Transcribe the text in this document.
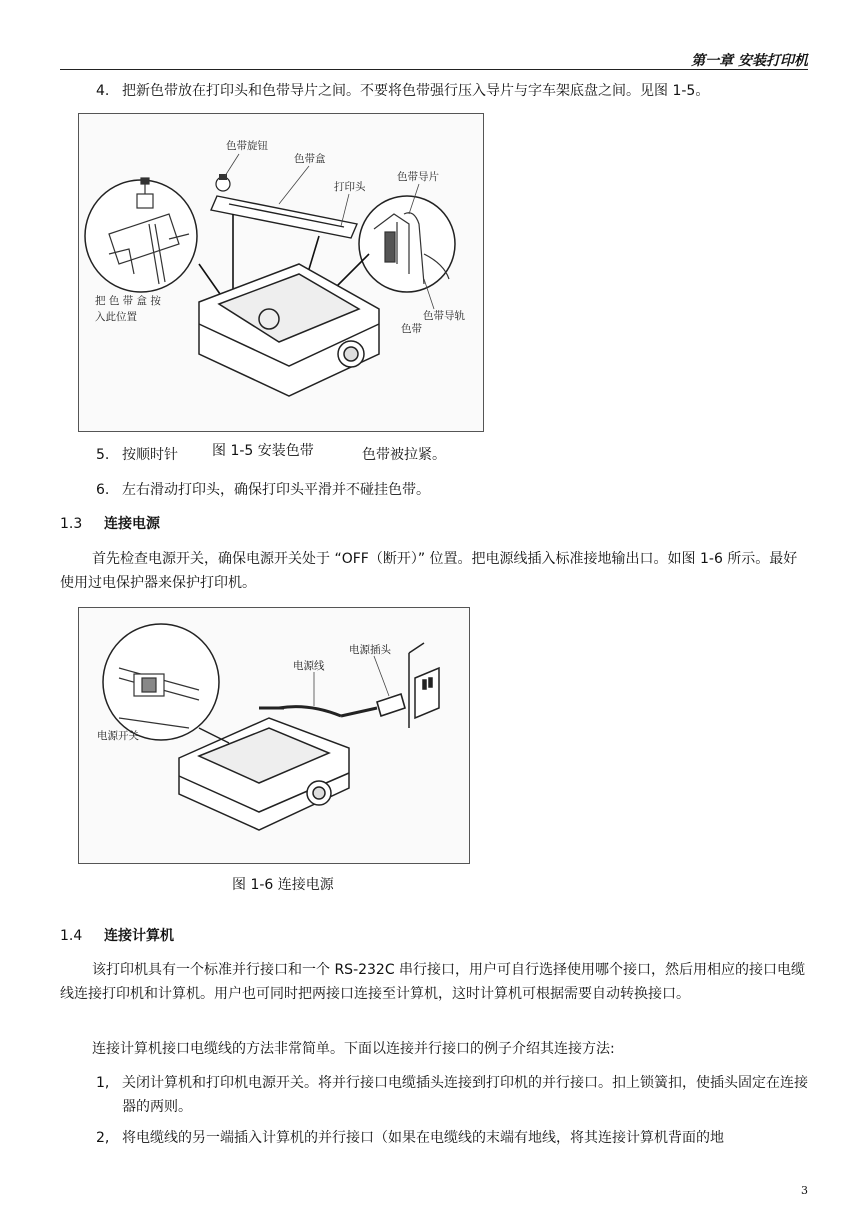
第一章 安装打印机
4. 把新色带放在打印头和色带导片之间。不要将色带强行压入导片与字车架底盘之间。见图 1-5。
色带旋钮
色带盒
打印头
色带导片
把 色 带 盒 按
入此位置	色带导轨
色带
5. 按顺时针	色带被拉紧。
图 1-5 安装色带
6. 左右滑动打印头，确保打印头平滑并不碰挂色带。
1.3 连接电源
首先检查电源开关，确保电源开关处于 “OFF（断开）” 位置。把电源线插入标准接地输出口。如图 1-6 所示。最好使用过电保护器来保护打印机。
电源插头
电源线
电源开关
图 1-6 连接电源
1.4 连接计算机
该打印机具有一个标准并行接口和一个 RS-232C 串行接口，用户可自行选择使用哪个接口，然后用相应的接口电缆线连接打印机和计算机。用户也可同时把两接口连接至计算机，这时计算机可根据需要自动转换接口。
连接计算机接口电缆线的方法非常简单。下面以连接并行接口的例子介绍其连接方法:
1, 关闭计算机和打印机电源开关。将并行接口电缆插头连接到打印机的并行接口。扣上锁簧扣，使插头固定在连接器的两则。
2, 将电缆线的另一端插入计算机的并行接口（如果在电缆线的末端有地线，将其连接计算机背面的地
3
